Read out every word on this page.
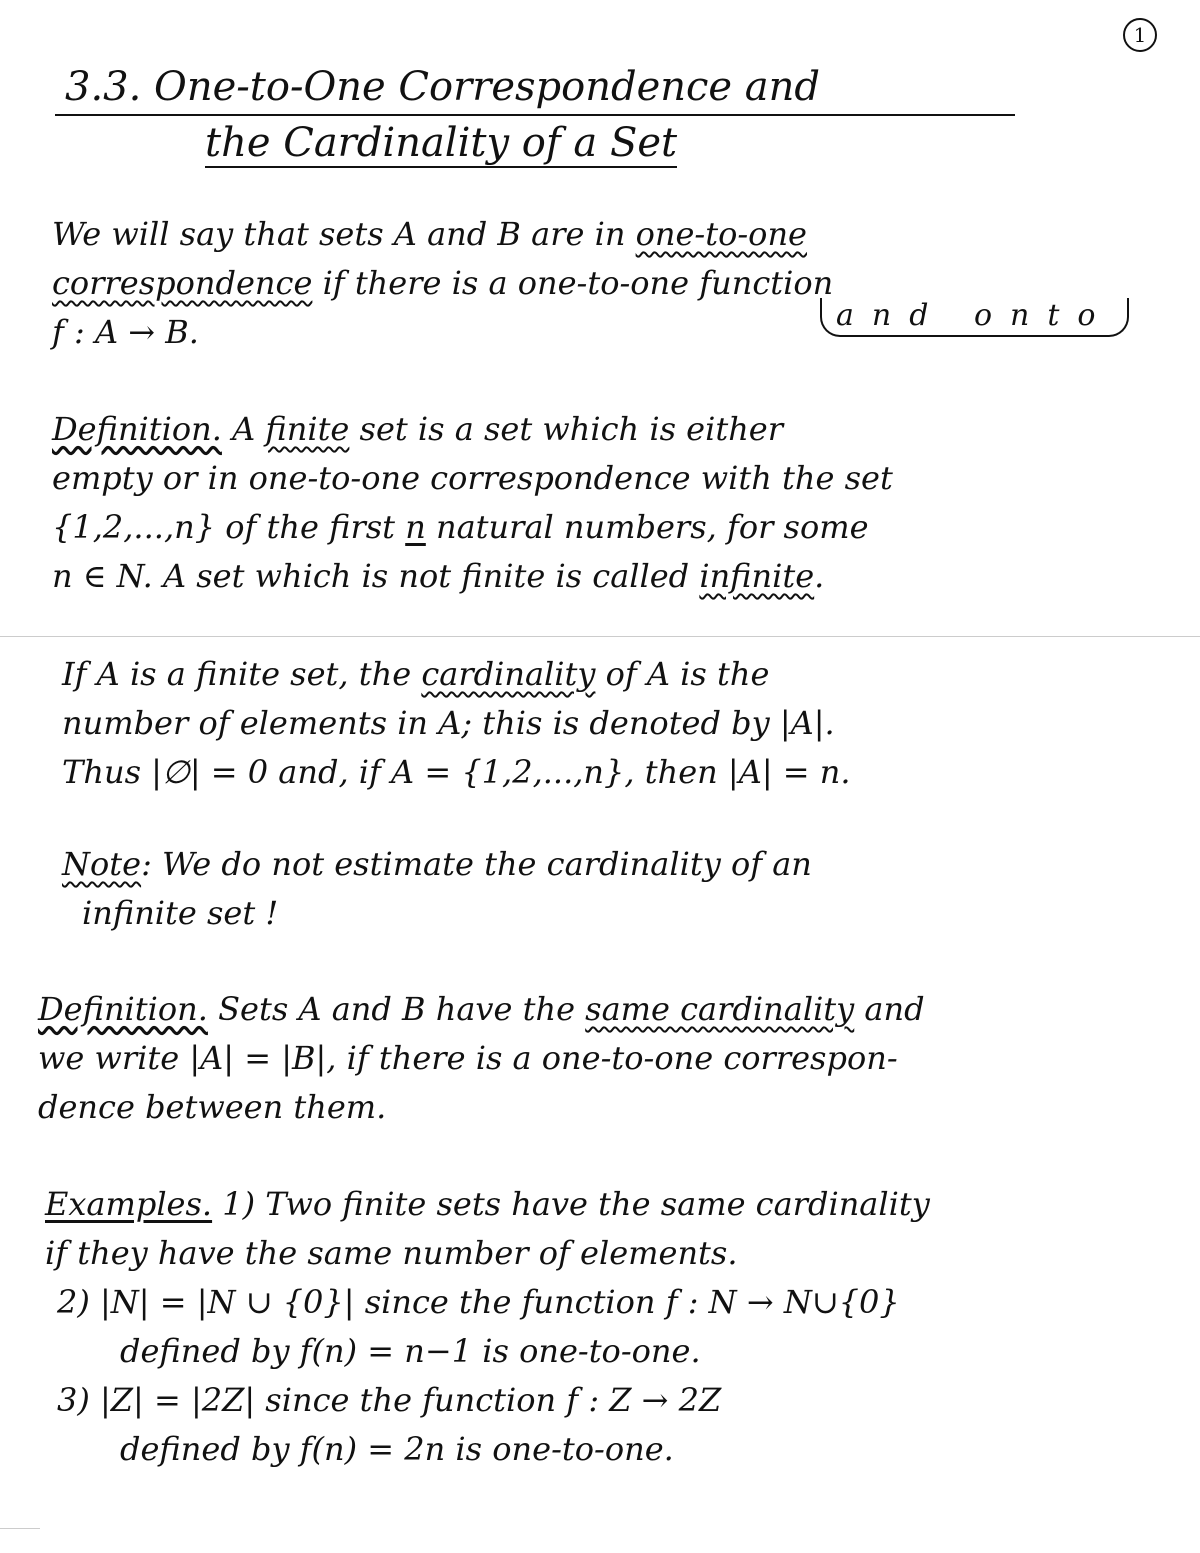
1
3.3. One-to-One Correspondence and
the Cardinality of a Set
We will say that sets A and B are in one-to-one
correspondence if there is a one-to-one function
f : A → B.	and onto
Definition. A finite set is a set which is either
empty or in one-to-one correspondence with the set
{1,2,...,n} of the first n natural numbers, for some
n ∈ N. A set which is not finite is called infinite.
If A is a finite set, the cardinality of A is the
number of elements in A; this is denoted by |A|.
Thus |∅| = 0 and, if A = {1,2,...,n}, then |A| = n.
Note: We do not estimate the cardinality of an
infinite set !
Definition. Sets A and B have the same cardinality and
we write |A| = |B|, if there is a one-to-one correspon-
dence between them.
Examples. 1) Two finite sets have the same cardinality
if they have the same number of elements.
2) |N| = |N ∪ {0}| since the function f : N → N∪{0}
defined by f(n) = n−1 is one-to-one.
3) |Z| = |2Z| since the function f : Z → 2Z
defined by f(n) = 2n is one-to-one.
